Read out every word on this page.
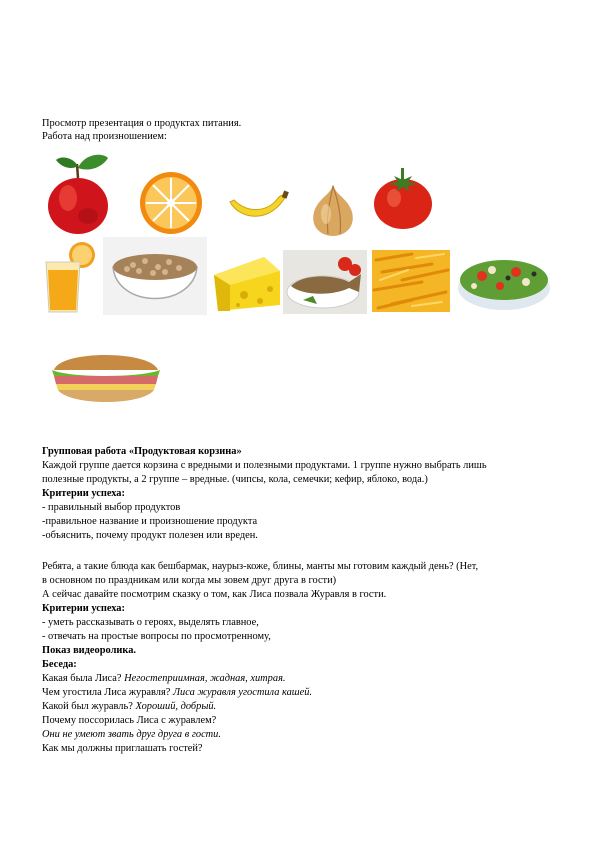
Просмотр презентация о продуктах питания.
Работа над произношением:
Групповая работа «Продуктовая корзина»
Каждой группе дается корзина с вредными и полезными продуктами. 1 группе нужно выбрать лишь
полезные продукты, а 2 группе – вредные. (чипсы, кола, семечки; кефир, яблоко, вода.)
Критерии успеха:
- правильный выбор продуктов
-правильное название и произношение продукта
-объяснить, почему продукт полезен или вреден.
Ребята, а такие блюда как бешбармак, наурыз-коже, блины, манты мы готовим каждый день? (Нет,
в основном по праздникам или когда мы зовем друг друга в гости)
А сейчас давайте посмотрим сказку о том, как Лиса позвала Журавля в гости.
Критерии успеха:
- уметь рассказывать о героях, выделять главное,
- отвечать на простые вопросы по просмотренному,
Показ видеоролика.
Беседа:
Какая была Лиса? Негостеприимная, жадная, хитрая.
Чем угостила Лиса журавля? Лиса журавля угостила кашей.
Какой был журавль? Хороший, добрый.
Почему поссорилась Лиса с журавлем?
Они не умеют звать друг друга в гости.
Как мы должны приглашать гостей?
